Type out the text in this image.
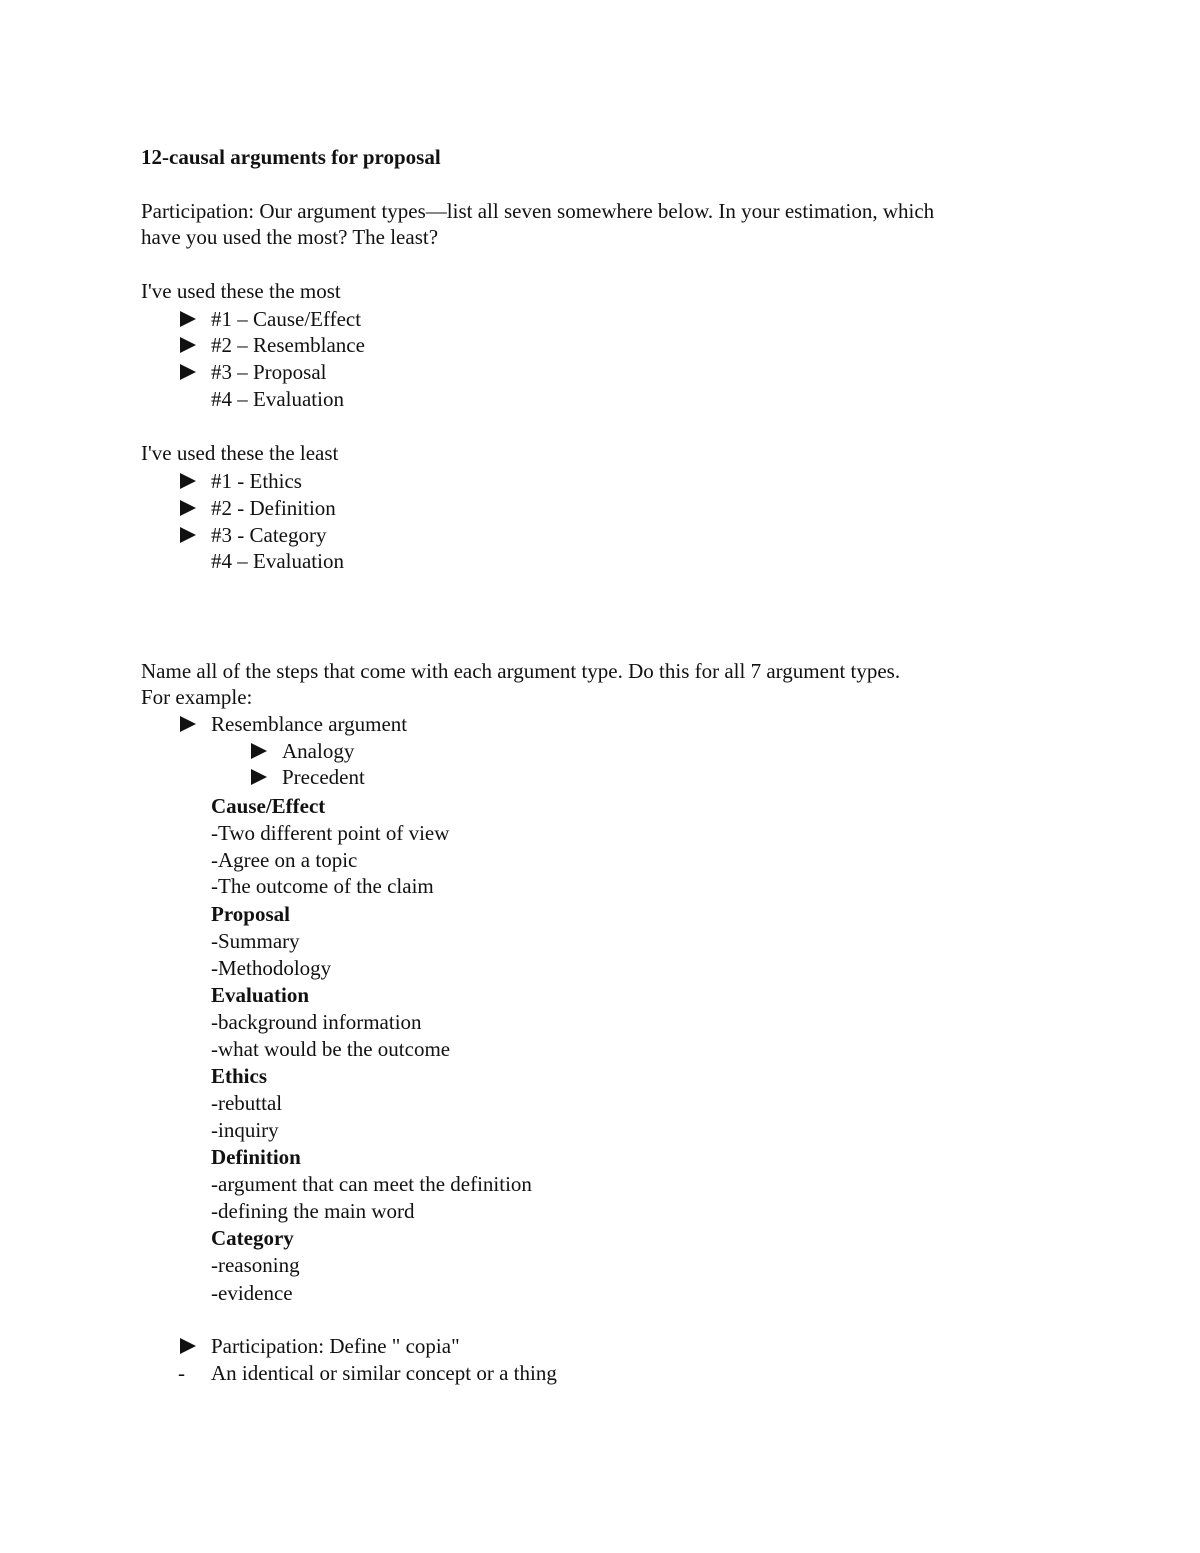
12-causal arguments for proposal
Participation: Our argument types—list all seven somewhere below. In your estimation, which
have you used the most? The least?
I've used these the most
#1 – Cause/Effect
#2 – Resemblance
#3 – Proposal
#4 – Evaluation
I've used these the least
#1 - Ethics
#2 - Definition
#3 - Category
#4 – Evaluation
Name all of the steps that come with each argument type. Do this for all 7 argument types.
For example:
Resemblance argument
Analogy
Precedent
Cause/Effect
-Two different point of view
-Agree on a topic
-The outcome of the claim
Proposal
-Summary
-Methodology
Evaluation
-background information
-what would be the outcome
Ethics
-rebuttal
-inquiry
Definition
-argument that can meet the definition
-defining the main word
Category
-reasoning
-evidence
Participation: Define " copia"
- An identical or similar concept or a thing
